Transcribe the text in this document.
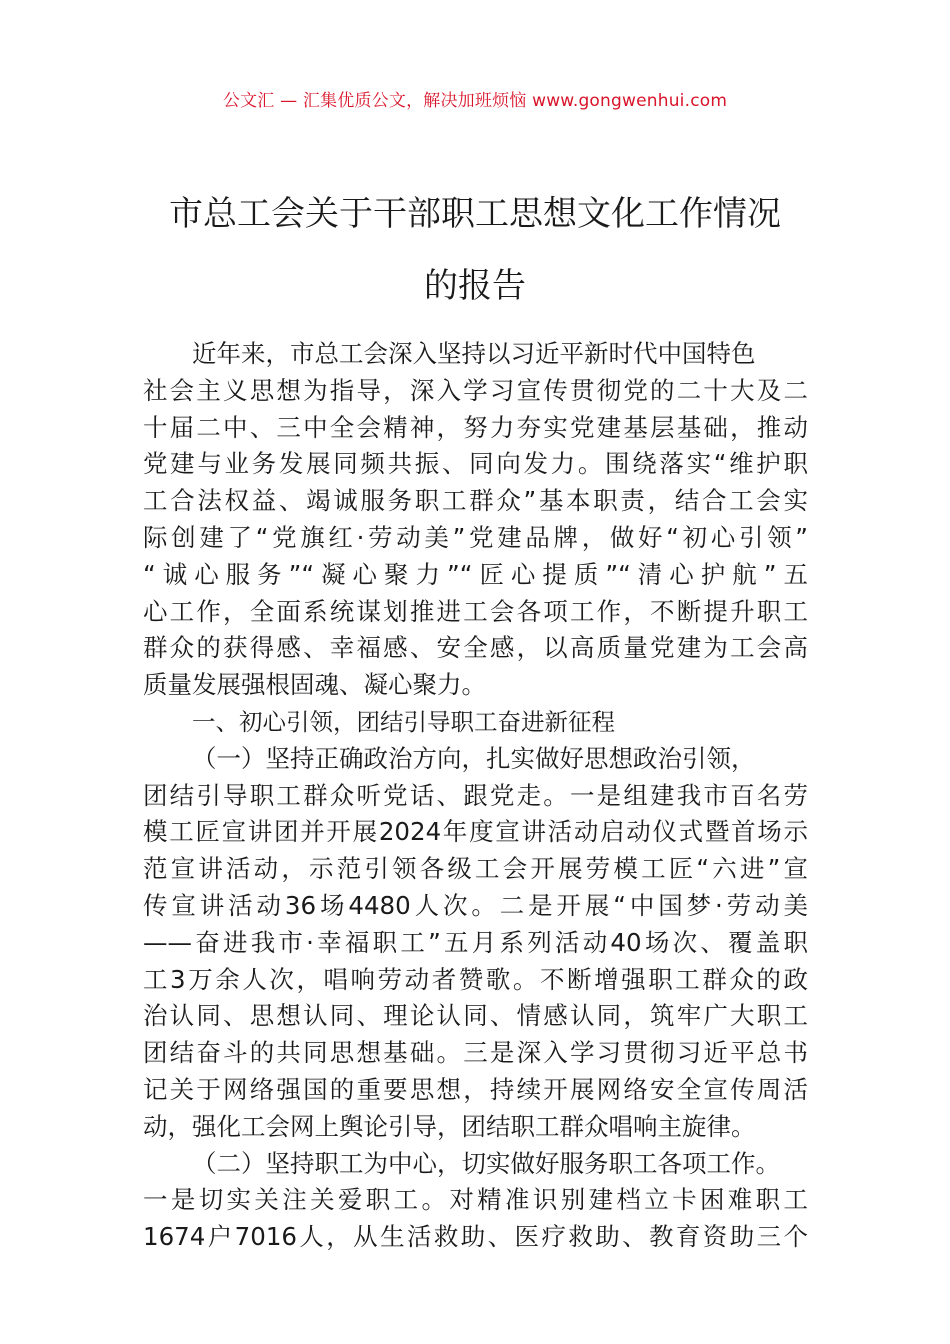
公文汇 — 汇集优质公文，解决加班烦恼 www.gongwenhui.com
市总工会关于干部职工思想文化工作情况
的报告
近年来，市总工会深入坚持以习近平新时代中国特色
社会主义思想为指导，深入学习宣传贯彻党的二十大及二
十届二中、三中全会精神，努力夯实党建基层基础，推动
党建与业务发展同频共振、同向发力。围绕落实“维护职
工合法权益、竭诚服务职工群众”基本职责，结合工会实
际创建了“党旗红·劳动美”党建品牌，做好“初心引领”
“诚心服务”“凝心聚力”“匠心提质”“清心护航”五
心工作，全面系统谋划推进工会各项工作，不断提升职工
群众的获得感、幸福感、安全感，以高质量党建为工会高
质量发展强根固魂、凝心聚力。
一、初心引领，团结引导职工奋进新征程
（一）坚持正确政治方向，扎实做好思想政治引领，
团结引导职工群众听党话、跟党走。一是组建我市百名劳
模工匠宣讲团并开展2024年度宣讲活动启动仪式暨首场示
范宣讲活动，示范引领各级工会开展劳模工匠“六进”宣
传宣讲活动36场4480人次。二是开展“中国梦·劳动美
——奋进我市·幸福职工”五月系列活动40场次、覆盖职
工3万余人次，唱响劳动者赞歌。不断增强职工群众的政
治认同、思想认同、理论认同、情感认同，筑牢广大职工
团结奋斗的共同思想基础。三是深入学习贯彻习近平总书
记关于网络强国的重要思想，持续开展网络安全宣传周活
动，强化工会网上舆论引导，团结职工群众唱响主旋律。
（二）坚持职工为中心，切实做好服务职工各项工作。
一是切实关注关爱职工。对精准识别建档立卡困难职工
1674户7016人，从生活救助、医疗救助、教育资助三个
